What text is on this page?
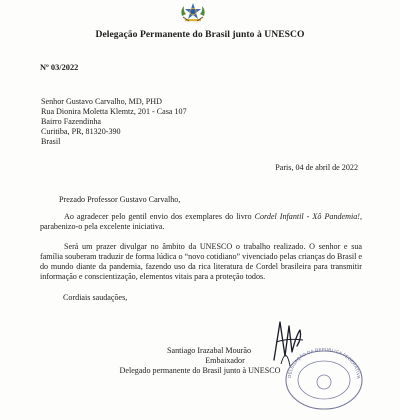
Delegação Permanente do Brasil junto à UNESCO
Nº 03/2022
Senhor Gustavo Carvalho, MD, PHD
Rua Dionira Moletta Klemtz, 201 - Casa 107
Bairro Fazendinha
Curitiba, PR, 81320-390
Brasil
Paris, 04 de abril de 2022
Prezado Professor Gustavo Carvalho,
Ao agradecer pelo gentil envio dos exemplares do livro Cordel Infantil - Xô Pandemia!, parabenizo-o pela excelente iniciativa.
Será um prazer divulgar no âmbito da UNESCO o trabalho realizado. O senhor e sua família souberam traduzir de forma lúdica o “novo cotidiano” vivenciado pelas crianças do Brasil e do mundo diante da pandemia, fazendo uso da rica literatura de Cordel brasileira para transmitir informação e conscientização, elementos vitais para a proteção todos.
Cordiais saudações,
DELEGAÇÃO DA REPÚBLICA FEDERATIVA
Santiago Irazabal Mourão
Embaixador
Delegado permanente do Brasil junto à UNESCO
